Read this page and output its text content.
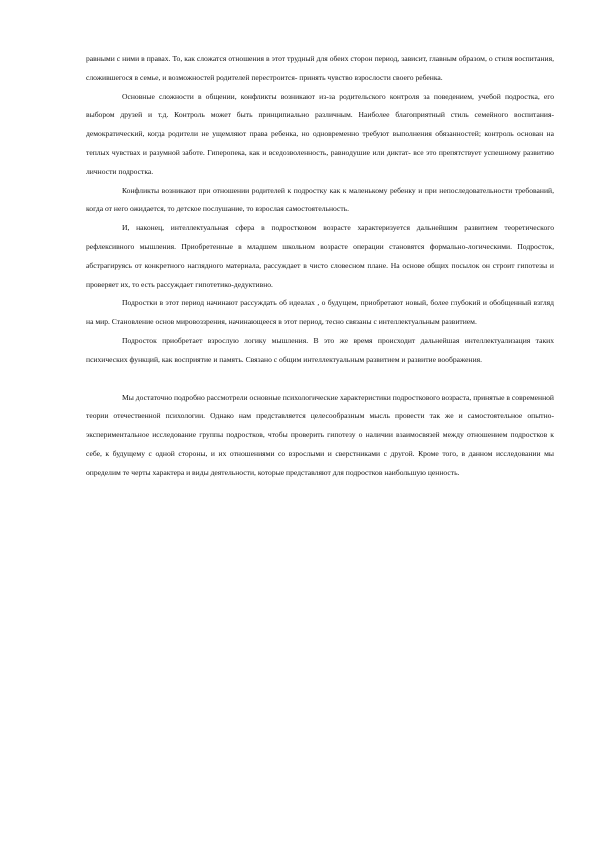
равными с ними в правах. То, как сложатся отношения в этот трудный для обеих сторон период, зависит, главным образом, о стиля воспитания, сложившегося в семье, и возможностей родителей перестроится- принять чувство взрослости своего ребенка.

Основные сложности в общении, конфликты возникают из-за родительского контроля за поведением, учебой подростка, его выбором друзей и т.д. Контроль может быть принципиально различным. Наиболее благоприятный стиль семейного воспитания- демократический, когда родители не ущемляют права ребенка, но одновременно требуют выполнения обязанностей; контроль основан на теплых чувствах и разумной заботе. Гиперопека, как и вседозволенность, равнодушие или диктат- все это препятствует успешному развитию личности подростка.

Конфликты возникают при отношении родителей к подростку как к маленькому ребенку и при непоследовательности требований, когда от него ожидается, то детское послушание, то взрослая самостоятельность.

И, наконец, интеллектуальная сфера в подростковом возрасте характеризуется дальнейшим развитием теоретического рефлексивного мышления. Приобретенные в младшем школьном возрасте операции становятся формально-логическими. Подросток, абстрагируясь от конкретного наглядного материала, рассуждает в чисто словесном плане. На основе общих посылок он строит гипотезы и проверяет их, то есть рассуждает гипотетико-дедуктивно.

Подростки в этот период начинают рассуждать об идеалах , о будущем, приобретают новый, более глубокий и обобщенный взгляд на мир. Становление основ мировоззрения, начинающееся в этот период, тесно связаны с интеллектуальным развитием.

Подросток приобретает взрослую логику мышления. В это же время происходит дальнейшая интеллектуализация таких психических функций, как восприятие и память. Связано с общим интеллектуальным развитием и развитие воображения.

Мы достаточно подробно рассмотрели основные психологические характеристики подросткового возраста, принятые в современной теории отечественной психологии. Однако нам представляется целесообразным мысль провести так же и самостоятельное опытно-экспериментальное исследование группы подростков, чтобы проверить гипотезу о наличии взаимосвязей между отношением подростков к себе, к будущему с одной стороны, и их отношениями со взрослыми и сверстниками с другой. Кроме того, в данном исследовании мы определим те черты характера и виды деятельности, которые представляют для подростков наибольшую ценность.
